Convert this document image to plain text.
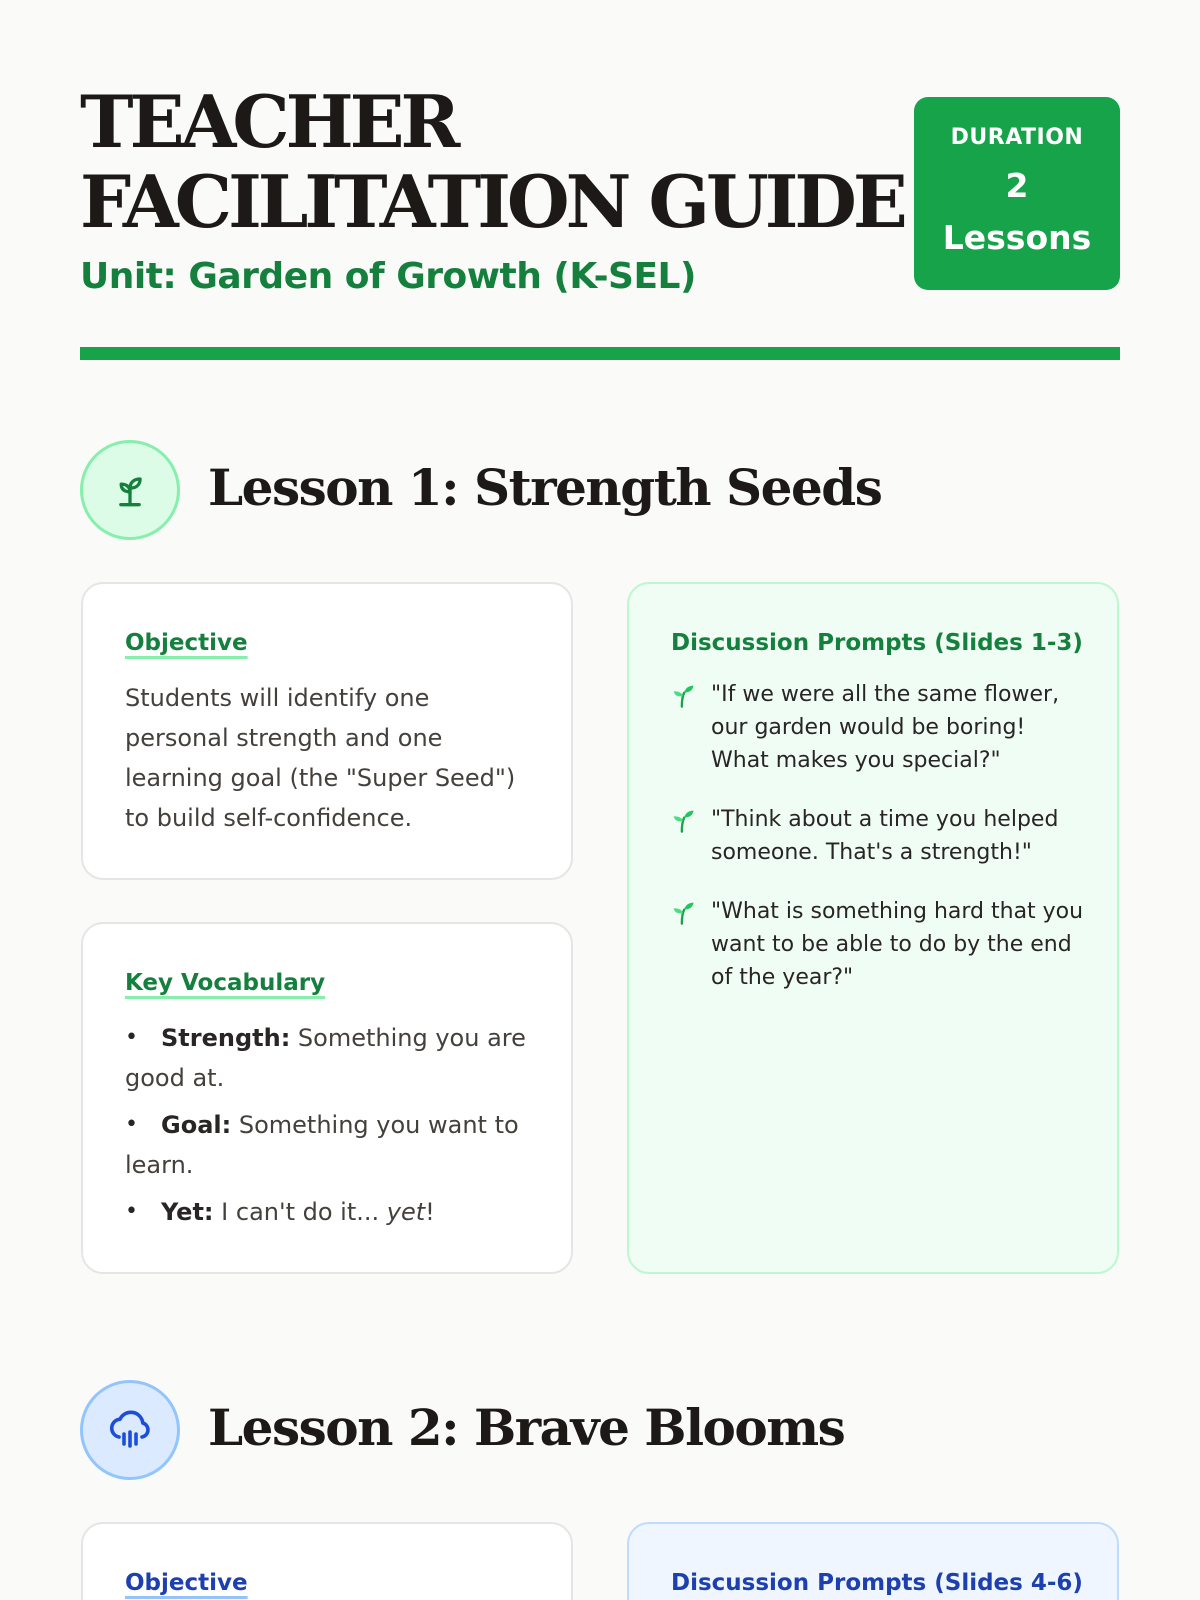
TEACHER
FACILITATION GUIDE
Unit: Garden of Growth (K-SEL)
DURATION
2
Lessons
Lesson 1: Strength Seeds
Objective
Students will identify one personal strength and one learning goal (the "Super Seed") to build self-confidence.
Key Vocabulary
• Strength: Something you are good at.
• Goal: Something you want to learn.
• Yet: I can't do it... yet!
Discussion Prompts (Slides 1-3)
"If we were all the same flower, our garden would be boring! What makes you special?"
"Think about a time you helped someone. That's a strength!"
"What is something hard that you want to be able to do by the end of the year?"
Lesson 2: Brave Blooms
Objective	Discussion Prompts (Slides 4-6)
